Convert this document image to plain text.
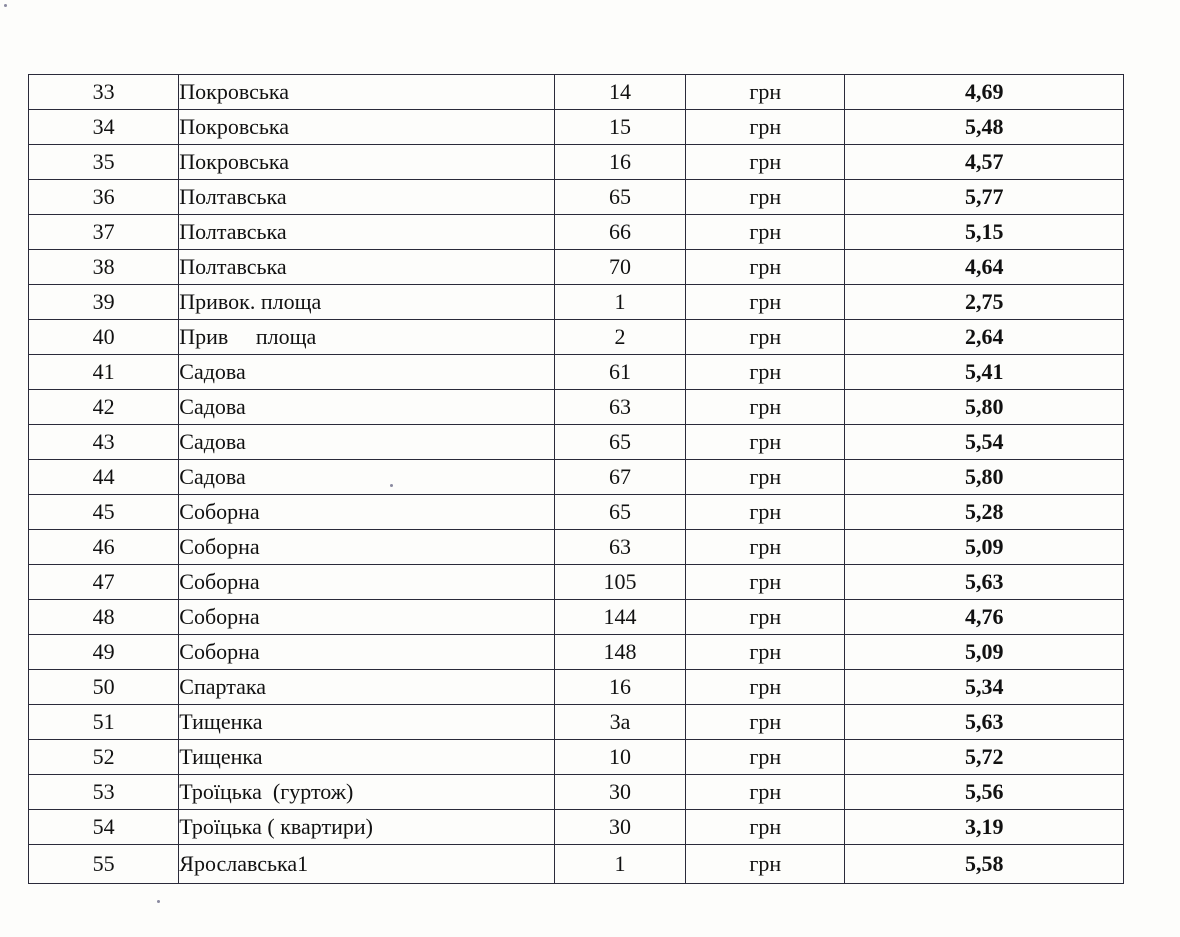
33	Покровська	14	грн	4,69
34	Покровська	15	грн	5,48
35	Покровська	16	грн	4,57
36	Полтавська	65	грн	5,77
37	Полтавська	66	грн	5,15
38	Полтавська	70	грн	4,64
39	Привок. площа	1	грн	2,75
40	Прив     площа	2	грн	2,64
41	Садова	61	грн	5,41
42	Садова	63	грн	5,80
43	Садова	65	грн	5,54
44	Садова	67	грн	5,80
45	Соборна	65	грн	5,28
46	Соборна	63	грн	5,09
47	Соборна	105	грн	5,63
48	Соборна	144	грн	4,76
49	Соборна	148	грн	5,09
50	Спартака	16	грн	5,34
51	Тищенка	3а	грн	5,63
52	Тищенка	10	грн	5,72
53	Троїцька  (гуртож)	30	грн	5,56
54	Троїцька ( квартири)	30	грн	3,19
55	Ярославська1	1	грн	5,58
